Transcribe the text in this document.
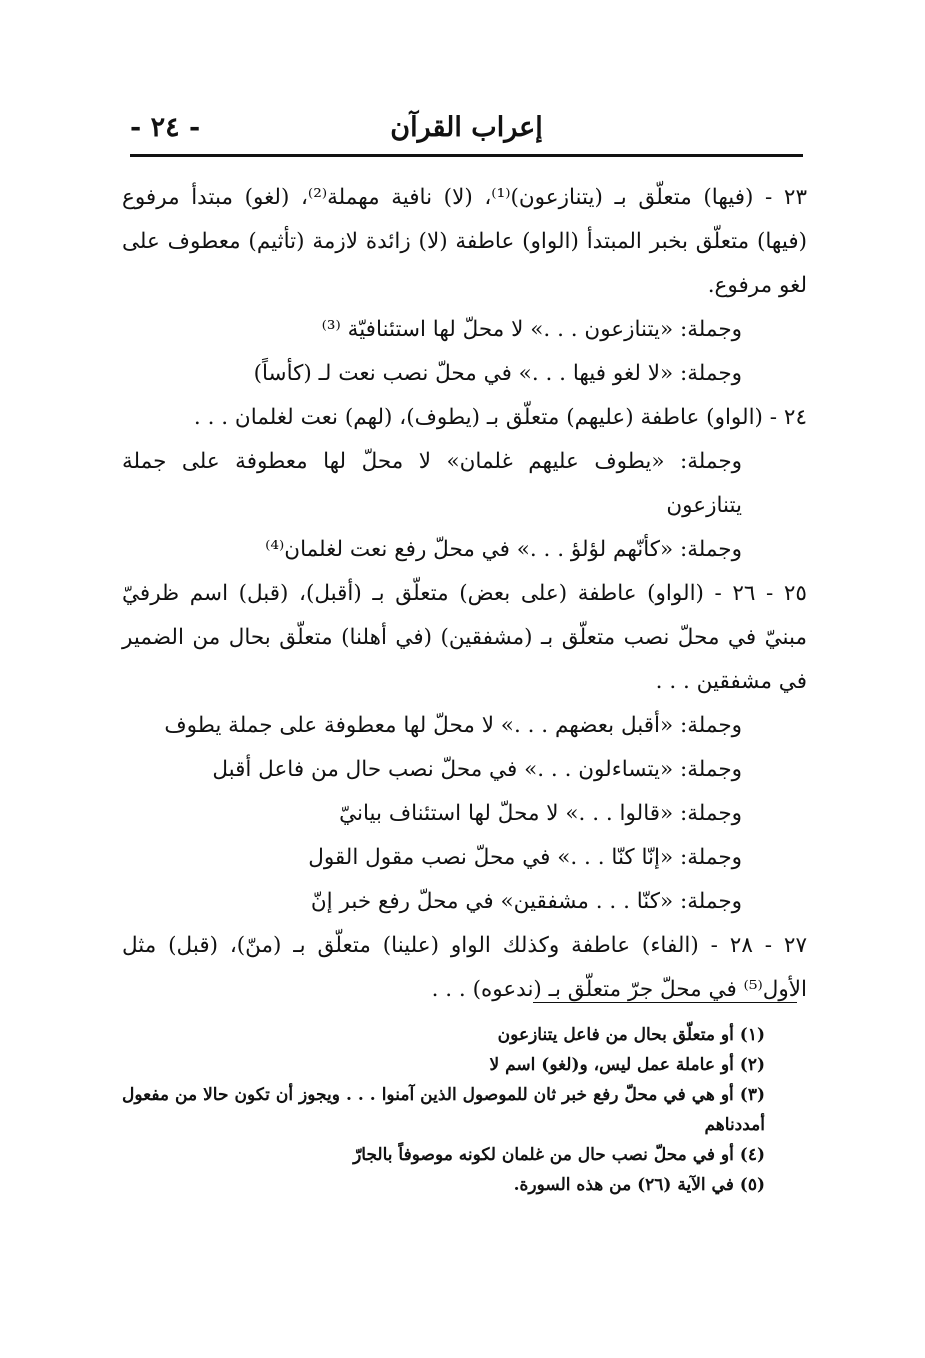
- ٢٤ -	إعراب القرآن

٢٣ - (فيها) متعلّق بـ (يتنازعون)⁽¹⁾، (لا) نافية مهملة⁽²⁾، (لغو) مبتدأ مرفوع (فيها) متعلّق بخبر المبتدأ (الواو) عاطفة (لا) زائدة لازمة (تأثيم) معطوف على لغو مرفوع.

وجملة: «يتنازعون . . .» لا محلّ لها استئنافيّة ⁽³⁾

وجملة: «لا لغو فيها . . .» في محلّ نصب نعت لـ (كأساً)

٢٤ - (الواو) عاطفة (عليهم) متعلّق بـ (يطوف)، (لهم) نعت لغلمان . . .

وجملة: «يطوف عليهم غلمان» لا محلّ لها معطوفة على جملة يتنازعون

وجملة: «كأنّهم لؤلؤ . . .» في محلّ رفع نعت لغلمان⁽⁴⁾

٢٥ - ٢٦ - (الواو) عاطفة (على بعض) متعلّق بـ (أقبل)، (قبل) اسم ظرفيّ مبنيّ في محلّ نصب متعلّق بـ (مشفقين) (في أهلنا) متعلّق بحال من الضمير في مشفقين . . .

وجملة: «أقبل بعضهم . . .» لا محلّ لها معطوفة على جملة يطوف

وجملة: «يتساءلون . . .» في محلّ نصب حال من فاعل أقبل

وجملة: «قالوا . . .» لا محلّ لها استئناف بيانيّ

وجملة: «إنّا كنّا . . .» في محلّ نصب مقول القول

وجملة: «كنّا . . . مشفقين» في محلّ رفع خبر إنّ

٢٧ - ٢٨ - (الفاء) عاطفة وكذلك الواو (علينا) متعلّق بـ (منّ)، (قبل) مثل الأول⁽⁵⁾ في محلّ جرّ متعلّق بـ (ندعوه) . . .

(١) أو متعلّق بحال من فاعل يتنازعون

(٢) أو عاملة عمل ليس، و(لغو) اسم لا

(٣) أو هي في محلّ رفع خبر ثان للموصول الذين آمنوا . . . ويجوز أن تكون حالا من مفعول أمددناهم

(٤) أو في محلّ نصب حال من غلمان لكونه موصوفاً بالجارّ

(٥) في الآية (٢٦) من هذه السورة.
